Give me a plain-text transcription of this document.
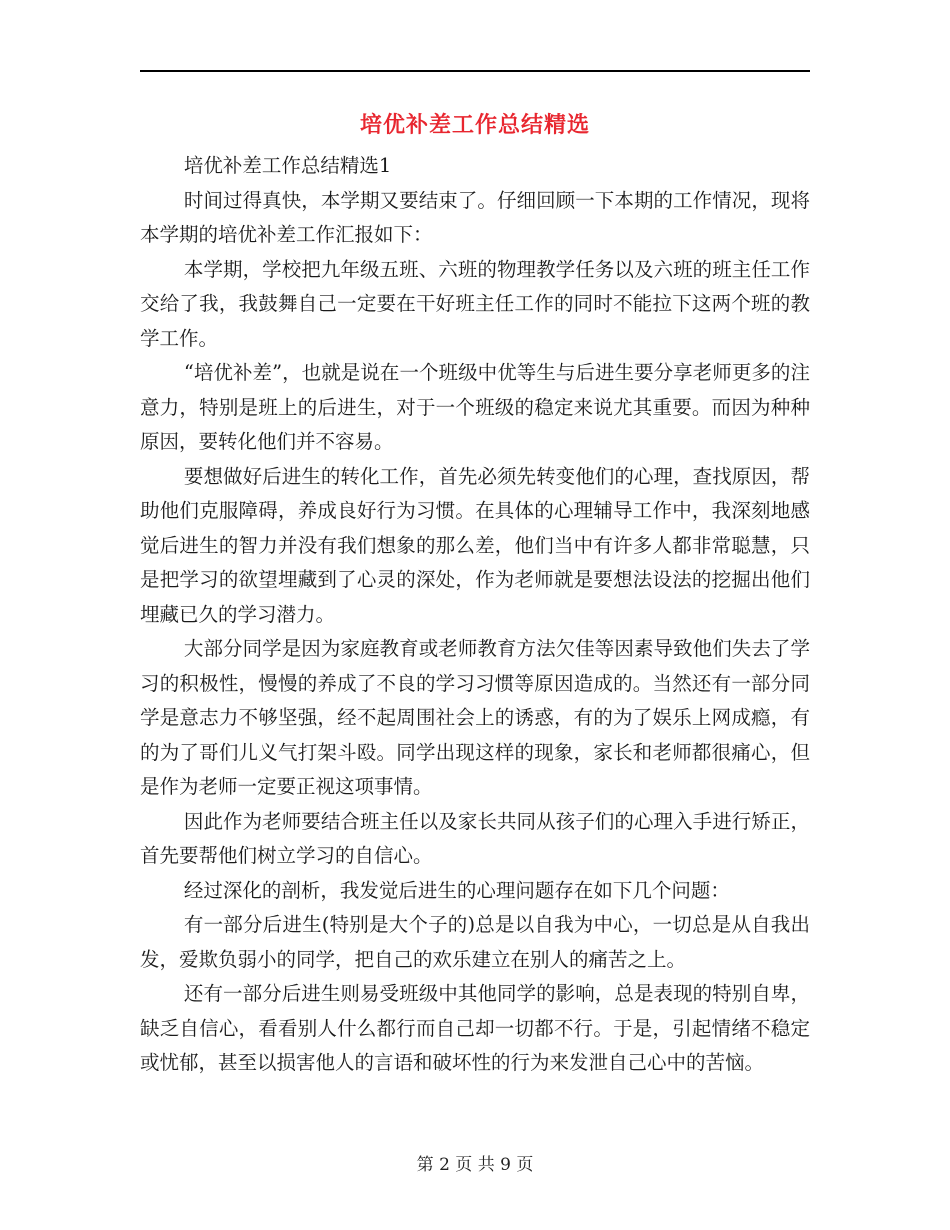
培优补差工作总结精选

培优补差工作总结精选1

时间过得真快，本学期又要结束了。仔细回顾一下本期的工作情况，现将本学期的培优补差工作汇报如下：

本学期，学校把九年级五班、六班的物理教学任务以及六班的班主任工作交给了我，我鼓舞自己一定要在干好班主任工作的同时不能拉下这两个班的教学工作。

“培优补差”，也就是说在一个班级中优等生与后进生要分享老师更多的注意力，特别是班上的后进生，对于一个班级的稳定来说尤其重要。而因为种种原因，要转化他们并不容易。

要想做好后进生的转化工作，首先必须先转变他们的心理，查找原因，帮助他们克服障碍，养成良好行为习惯。在具体的心理辅导工作中，我深刻地感觉后进生的智力并没有我们想象的那么差，他们当中有许多人都非常聪慧，只是把学习的欲望埋藏到了心灵的深处，作为老师就是要想法设法的挖掘出他们埋藏已久的学习潜力。

大部分同学是因为家庭教育或老师教育方法欠佳等因素导致他们失去了学习的积极性，慢慢的养成了不良的学习习惯等原因造成的。当然还有一部分同学是意志力不够坚强，经不起周围社会上的诱惑，有的为了娱乐上网成瘾，有的为了哥们儿义气打架斗殴。同学出现这样的现象，家长和老师都很痛心，但是作为老师一定要正视这项事情。

因此作为老师要结合班主任以及家长共同从孩子们的心理入手进行矫正，首先要帮他们树立学习的自信心。

经过深化的剖析，我发觉后进生的心理问题存在如下几个问题：

有一部分后进生(特别是大个子的)总是以自我为中心，一切总是从自我出发，爱欺负弱小的同学，把自己的欢乐建立在别人的痛苦之上。

还有一部分后进生则易受班级中其他同学的影响，总是表现的特别自卑，缺乏自信心，看看别人什么都行而自己却一切都不行。于是，引起情绪不稳定或忧郁，甚至以损害他人的言语和破坏性的行为来发泄自己心中的苦恼。

第 2 页 共 9 页
